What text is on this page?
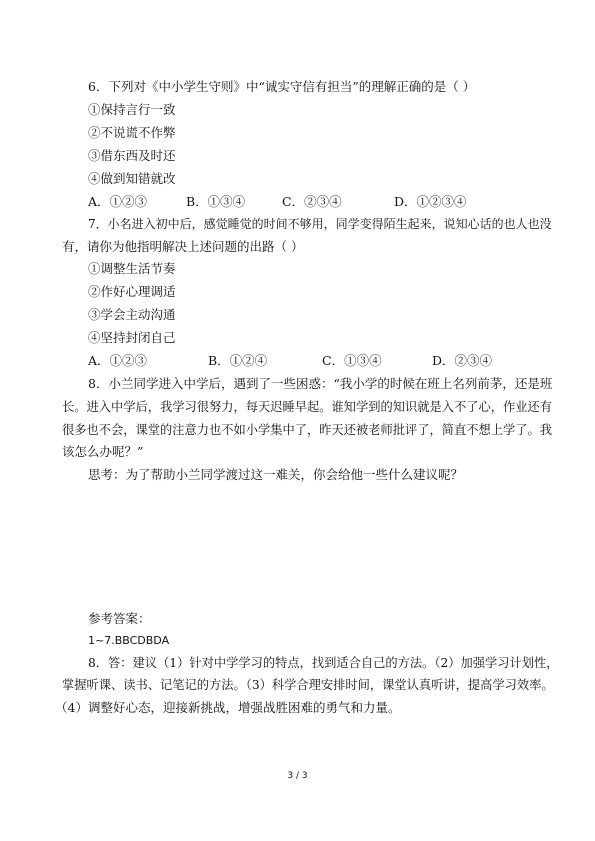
6．下列对《中小学生守则》中“诚实守信有担当”的理解正确的是（ ）
①保持言行一致
②不说谎不作弊
③借东西及时还
④做到知错就改
A．①②③	B．①③④	C．②③④	D．①②③④
7．小名进入初中后，感觉睡觉的时间不够用，同学变得陌生起来，说知心话的也人也没
有，请你为他指明解决上述问题的出路（ ）
①调整生活节奏
②作好心理调适
③学会主动沟通
④坚持封闭自己
A．①②③	B．①②④	C．①③④	D．②③④
8．小兰同学进入中学后，遇到了一些困惑：“我小学的时候在班上名列前茅，还是班
长。进入中学后，我学习很努力，每天迟睡早起。谁知学到的知识就是入不了心，作业还有
很多也不会，课堂的注意力也不如小学集中了，昨天还被老师批评了，简直不想上学了。我
该怎么办呢？”
思考：为了帮助小兰同学渡过这一难关，你会给他一些什么建议呢？
参考答案：
1~7.BBCDBDA
8．答：建议（1）针对中学学习的特点，找到适合自己的方法。（2）加强学习计划性，
掌握听课、读书、记笔记的方法。（3）科学合理安排时间，课堂认真听讲，提高学习效率。
（4）调整好心态，迎接新挑战，增强战胜困难的勇气和力量。
3 / 3
